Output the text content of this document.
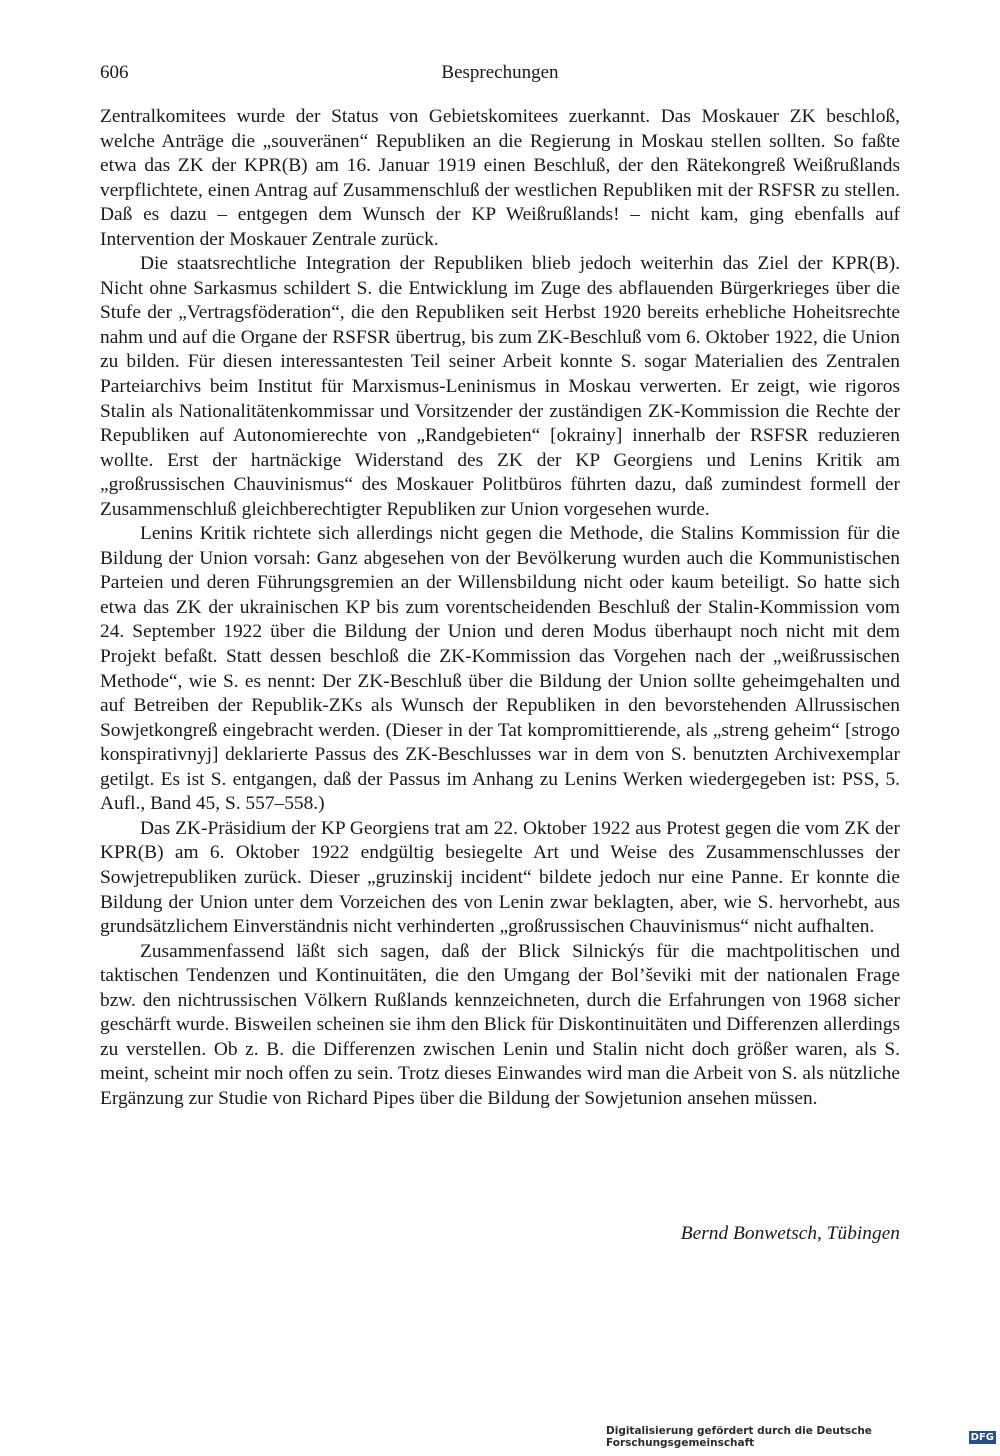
606	Besprechungen

Zentralkomitees wurde der Status von Gebietskomitees zuerkannt. Das Moskauer ZK beschloß, welche Anträge die „souveränen“ Republiken an die Regierung in Moskau stellen sollten. So faßte etwa das ZK der KPR(B) am 16. Januar 1919 einen Beschluß, der den Rätekongreß Weißrußlands verpflichtete, einen Antrag auf Zusammenschluß der westlichen Republiken mit der RSFSR zu stellen. Daß es dazu – entgegen dem Wunsch der KP Weißrußlands! – nicht kam, ging ebenfalls auf Intervention der Moskauer Zentrale zurück.

Die staatsrechtliche Integration der Republiken blieb jedoch weiterhin das Ziel der KPR(B). Nicht ohne Sarkasmus schildert S. die Entwicklung im Zuge des abflauenden Bürgerkrieges über die Stufe der „Vertragsföderation“, die den Republiken seit Herbst 1920 bereits erhebliche Hoheitsrechte nahm und auf die Organe der RSFSR übertrug, bis zum ZK-Beschluß vom 6. Oktober 1922, die Union zu bilden. Für diesen interessantesten Teil seiner Arbeit konnte S. sogar Materialien des Zentralen Parteiarchivs beim Institut für Marxismus-Leninismus in Moskau verwerten. Er zeigt, wie rigoros Stalin als Nationalitätenkommissar und Vorsitzender der zuständigen ZK-Kommission die Rechte der Republiken auf Autonomierechte von „Randgebieten“ [okrainy] innerhalb der RSFSR reduzieren wollte. Erst der hartnäckige Widerstand des ZK der KP Georgiens und Lenins Kritik am „großrussischen Chauvinismus“ des Moskauer Politbüros führten dazu, daß zumindest formell der Zusammenschluß gleichberechtigter Republiken zur Union vorgesehen wurde.

Lenins Kritik richtete sich allerdings nicht gegen die Methode, die Stalins Kommission für die Bildung der Union vorsah: Ganz abgesehen von der Bevölkerung wurden auch die Kommunistischen Parteien und deren Führungsgremien an der Willensbildung nicht oder kaum beteiligt. So hatte sich etwa das ZK der ukrainischen KP bis zum vorentscheidenden Beschluß der Stalin-Kommission vom 24. September 1922 über die Bildung der Union und deren Modus überhaupt noch nicht mit dem Projekt befaßt. Statt dessen beschloß die ZK-Kommission das Vorgehen nach der „weißrussischen Methode“, wie S. es nennt: Der ZK-Beschluß über die Bildung der Union sollte geheimgehalten und auf Betreiben der Republik-ZKs als Wunsch der Republiken in den bevorstehenden Allrussischen Sowjetkongreß eingebracht werden. (Dieser in der Tat kompromittierende, als „streng geheim“ [strogo konspirativnyj] deklarierte Passus des ZK-Beschlusses war in dem von S. benutzten Archivexemplar getilgt. Es ist S. entgangen, daß der Passus im Anhang zu Lenins Werken wiedergegeben ist: PSS, 5. Aufl., Band 45, S. 557–558.)

Das ZK-Präsidium der KP Georgiens trat am 22. Oktober 1922 aus Protest gegen die vom ZK der KPR(B) am 6. Oktober 1922 endgültig besiegelte Art und Weise des Zusammenschlusses der Sowjetrepubliken zurück. Dieser „gruzinskij incident“ bildete jedoch nur eine Panne. Er konnte die Bildung der Union unter dem Vorzeichen des von Lenin zwar beklagten, aber, wie S. hervorhebt, aus grundsätzlichem Einverständnis nicht verhinderten „großrussischen Chauvinismus“ nicht aufhalten.

Zusammenfassend läßt sich sagen, daß der Blick Silnickýs für die machtpolitischen und taktischen Tendenzen und Kontinuitäten, die den Umgang der Bol’ševiki mit der nationalen Frage bzw. den nichtrussischen Völkern Rußlands kennzeichneten, durch die Erfahrungen von 1968 sicher geschärft wurde. Bisweilen scheinen sie ihm den Blick für Diskontinuitäten und Differenzen allerdings zu verstellen. Ob z. B. die Differenzen zwischen Lenin und Stalin nicht doch größer waren, als S. meint, scheint mir noch offen zu sein. Trotz dieses Einwandes wird man die Arbeit von S. als nützliche Ergänzung zur Studie von Richard Pipes über die Bildung der Sowjetunion ansehen müssen.

Bernd Bonwetsch, Tübingen
Digitalisierung gefördert durch die Deutsche Forschungsgemeinschaft	DFG
